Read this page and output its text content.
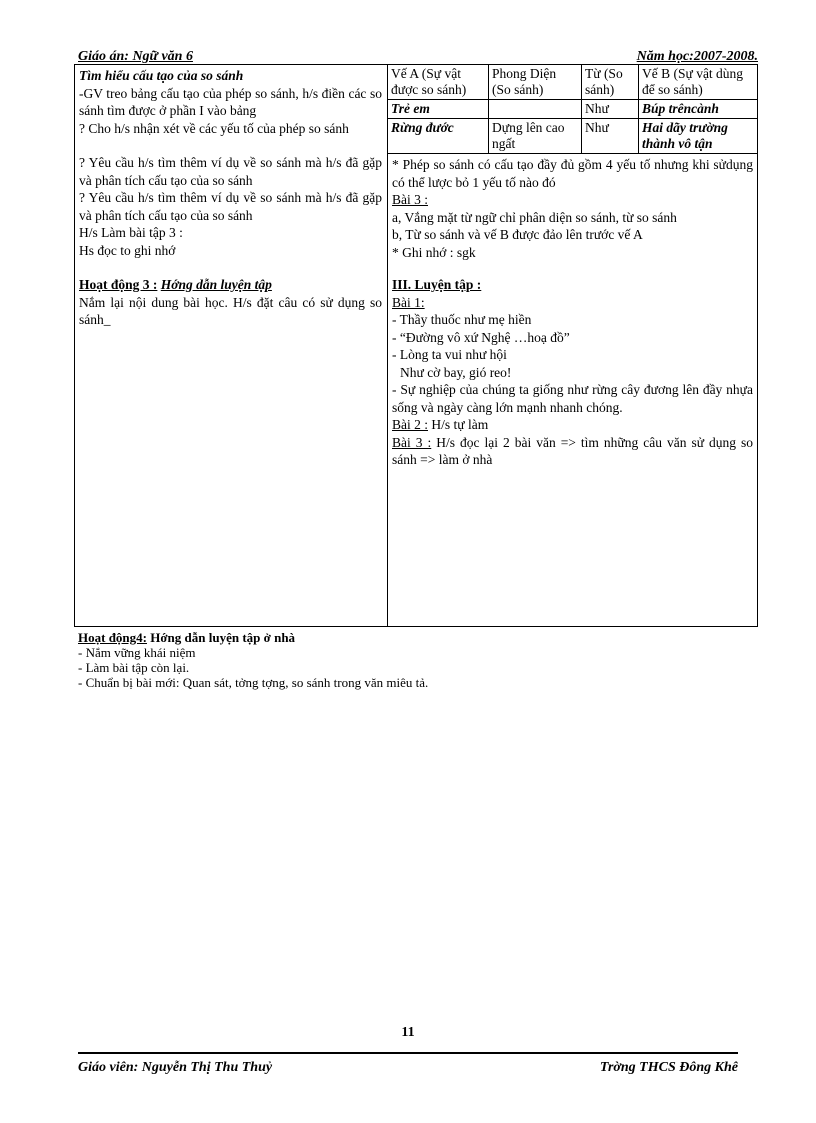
Giáo án: Ngữ văn 6	Năm học:2007-2008.

Tìm hiểu cấu tạo của so sánh

-GV treo bảng cấu tạo của phép so sánh, h/s điền các so sánh tìm được ở phần I vào bảng

? Cho h/s nhận xét về các yếu tố của phép so sánh

? Yêu cầu h/s tìm thêm ví dụ về so sánh mà h/s đã gặp và phân tích cấu tạo của so sánh

? Yêu cầu h/s tìm thêm ví dụ về so sánh mà h/s đã gặp và phân tích cấu tạo của so sánh

H/s Làm bài tập 3 :

Hs đọc to ghi nhớ

Hoạt động 3 : Hớng dẫn luyện tập

Nắm lại nội dung bài học. H/s đặt câu có sử dụng so sánh_

Vế A (Sự vật được so sánh)	Phong Diện (So sánh)	Từ (So sánh)	Vế B (Sự vật dùng để so sánh)
Trẻ em		Như	Búp trêncành
Rừng đước	Dựng lên cao ngất	Như	Hai dãy trường thành vô tận

* Phép so sánh có cấu tạo đầy đủ gồm 4 yếu tố nhưng khi sửdụng có thể lược bỏ 1 yếu tố nào đó

Bài 3 :

a, Vắng mặt từ ngữ chỉ phân diện so sánh, từ so sánh

b, Từ so sánh và vế B được đảo lên trước vế A

* Ghi nhớ : sgk

III. Luyện tập :

Bài 1:

- Thầy thuốc như mẹ hiền

- “Đường vô xứ Nghệ …hoạ đồ”

- Lòng ta vui như hội

Như cờ bay, gió reo!

- Sự nghiệp của chúng ta giống như rừng cây đương lên đầy nhựa sống và ngày càng lớn mạnh nhanh chóng.

Bài 2 : H/s tự làm

Bài 3 : H/s đọc lại 2 bài văn => tìm những câu văn sử dụng so sánh => làm ở nhà

Hoạt động4: Hớng dẫn luyện tập ở nhà

- Nắm vững khái niệm

- Làm bài tập còn lại.

- Chuẩn bị bài mới: Quan sát, tởng tợng, so sánh trong văn miêu tả.

11
Giáo viên: Nguyễn Thị Thu Thuỷ	Trờng THCS Đông Khê
